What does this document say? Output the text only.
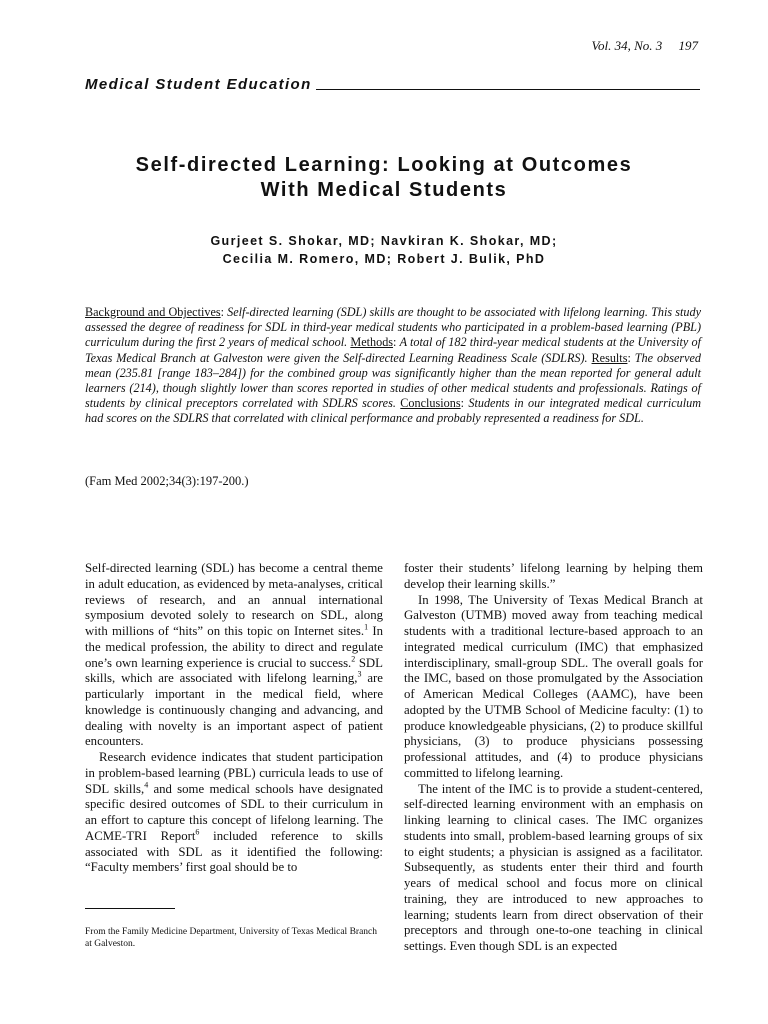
Vol. 34, No. 3 197
Medical Student Education
Self-directed Learning: Looking at Outcomes
With Medical Students
Gurjeet S. Shokar, MD; Navkiran K. Shokar, MD;
Cecilia M. Romero, MD; Robert J. Bulik, PhD
Background and Objectives: Self-directed learning (SDL) skills are thought to be associated with lifelong learning. This study assessed the degree of readiness for SDL in third-year medical students who participated in a problem-based learning (PBL) curriculum during the first 2 years of medical school. Methods: A total of 182 third-year medical students at the University of Texas Medical Branch at Galveston were given the Self-directed Learning Readiness Scale (SDLRS). Results: The observed mean (235.81 [range 183–284]) for the combined group was significantly higher than the mean reported for general adult learners (214), though slightly lower than scores reported in studies of other medical students and professionals. Ratings of students by clinical preceptors correlated with SDLRS scores. Conclusions: Students in our integrated medical curriculum had scores on the SDLRS that correlated with clinical performance and probably represented a readiness for SDL.
(Fam Med 2002;34(3):197-200.)

Self-directed learning (SDL) has become a central theme in adult education, as evidenced by meta-analyses, critical reviews of research, and an annual international symposium devoted solely to research on SDL, along with millions of “hits” on this topic on Internet sites.$^1$ In the medical profession, the ability to direct and regulate one’s own learning experience is crucial to success.$^2$ SDL skills, which are associated with lifelong learning,$^3$ are particularly important in the medical field, where knowledge is continuously changing and advancing, and dealing with novelty is an important aspect of patient encounters.

Research evidence indicates that student participation in problem-based learning (PBL) curricula leads to use of SDL skills,$^4$ and some medical schools have designated specific desired outcomes of SDL to their curriculum in an effort to capture this concept of lifelong learning. The ACME-TRI Report$^6$ included reference to skills associated with SDL as it identified the following: “Faculty members’ first goal should be to

foster their students’ lifelong learning by helping them develop their learning skills.”

In 1998, The University of Texas Medical Branch at Galveston (UTMB) moved away from teaching medical students with a traditional lecture-based approach to an integrated medical curriculum (IMC) that emphasized interdisciplinary, small-group SDL. The overall goals for the IMC, based on those promulgated by the Association of American Medical Colleges (AAMC), have been adopted by the UTMB School of Medicine faculty: (1) to produce knowledgeable physicians, (2) to produce skillful physicians, (3) to produce physicians possessing professional attitudes, and (4) to produce physicians committed to lifelong learning.

The intent of the IMC is to provide a student-centered, self-directed learning environment with an emphasis on linking learning to clinical cases. The IMC organizes students into small, problem-based learning groups of six to eight students; a physician is assigned as a facilitator. Subsequently, as students enter their third and fourth years of medical school and focus more on clinical training, they are introduced to new approaches to learning; students learn from direct observation of their preceptors and through one-to-one teaching in clinical settings. Even though SDL is an expected

From the Family Medicine Department, University of Texas Medical Branch at Galveston.
